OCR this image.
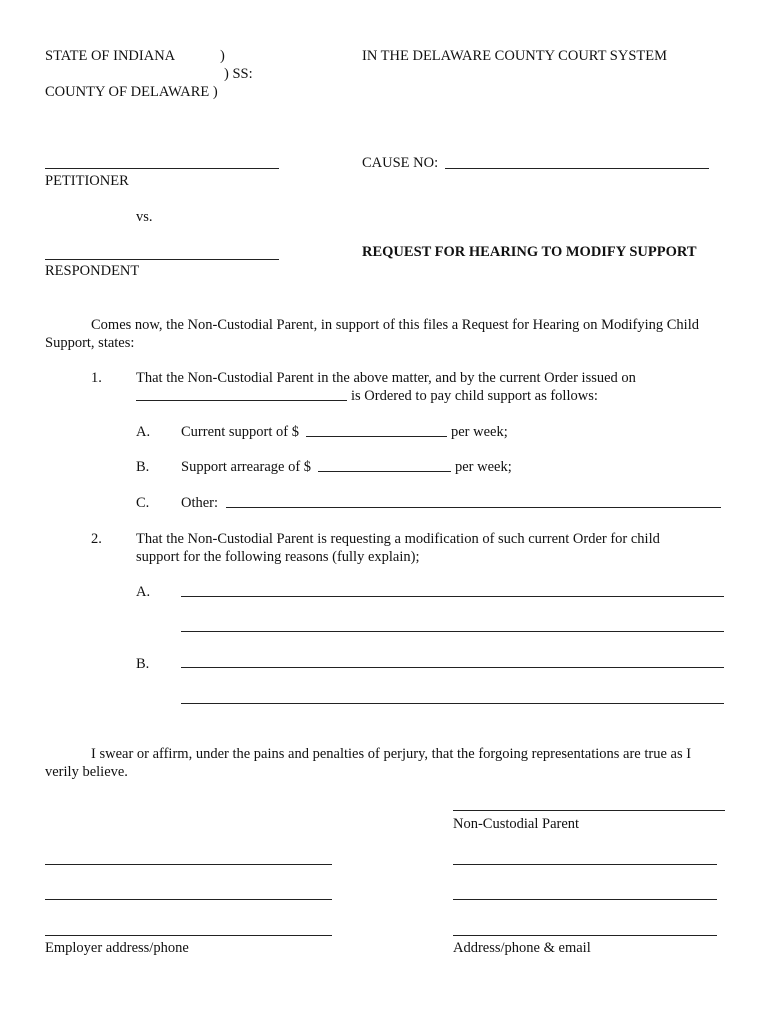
STATE OF INDIANA	)
) SS:
COUNTY OF DELAWARE )
IN THE DELAWARE COUNTY COURT SYSTEM
PETITIONER
CAUSE NO:
vs.
RESPONDENT
REQUEST FOR HEARING TO MODIFY SUPPORT
Comes now, the Non-Custodial Parent, in support of this files a Request for Hearing on Modifying Child
Support, states:
1. That the Non-Custodial Parent in the above matter, and by the current Order issued on
is Ordered to pay child support as follows:
A. Current support of $	per week;
B. Support arrearage of $	per week;
C. Other:
2. That the Non-Custodial Parent is requesting a modification of such current Order for child
support for the following reasons (fully explain);
A.
B.
I swear or affirm, under the pains and penalties of perjury, that the forgoing representations are true as I
verily believe.
Non-Custodial Parent
Employer address/phone	Address/phone & email
